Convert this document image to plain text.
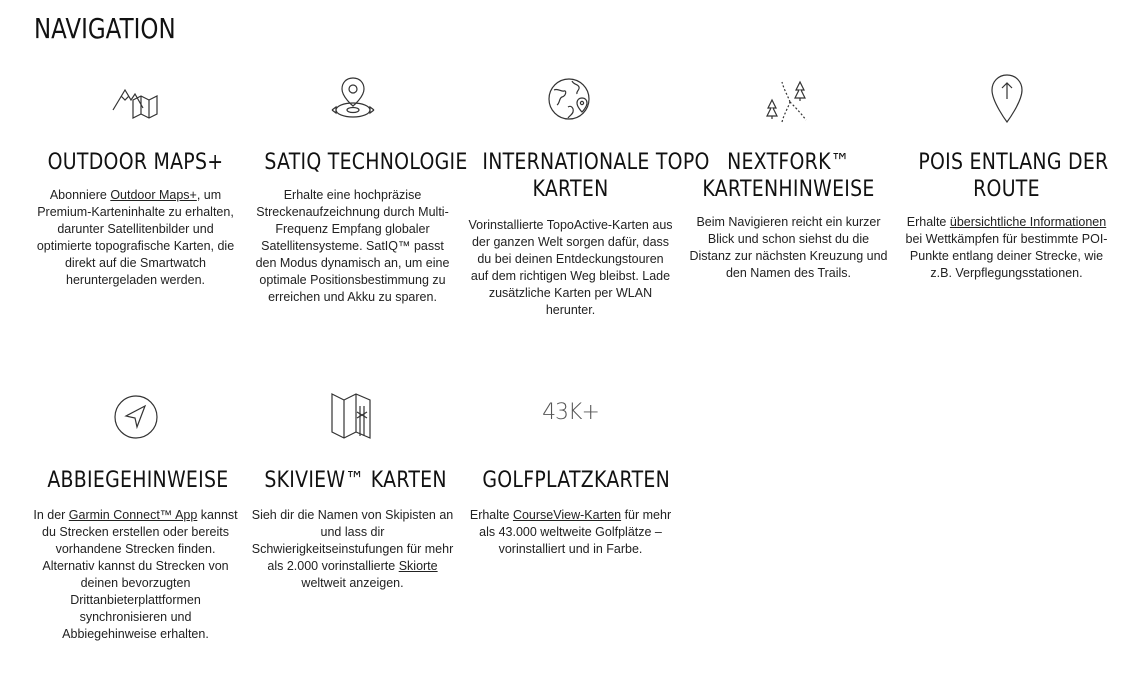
NAVIGATION
OUTDOOR MAPS+

Abonniere Outdoor Maps+, um Premium-Karteninhalte zu erhalten, darunter Satellitenbilder und optimierte topografische Karten, die direkt auf die Smartwatch heruntergeladen werden.

SATIQ TECHNOLOGIE

Erhalte eine hochpräzise Streckenaufzeichnung durch Multi-Frequenz Empfang globaler Satellitensysteme. SatIQ™ passt den Modus dynamisch an, um eine optimale Positionsbestimmung zu erreichen und Akku zu sparen.

INTERNATIONALE TOPO
KARTEN

Vorinstallierte TopoActive-Karten aus der ganzen Welt sorgen dafür, dass du bei deinen Entdeckungstouren auf dem richtigen Weg bleibst. Lade zusätzliche Karten per WLAN herunter.

NEXTFORK™
KARTENHINWEISE

Beim Navigieren reicht ein kurzer Blick und schon siehst du die Distanz zur nächsten Kreuzung und den Namen des Trails.

POIS ENTLANG DER
ROUTE

Erhalte übersichtliche Informationen bei Wettkämpfen für bestimmte POI-Punkte entlang deiner Strecke, wie z.B. Verpflegungsstationen.

ABBIEGEHINWEISE

In der Garmin Connect™ App kannst du Strecken erstellen oder bereits vorhandene Strecken finden. Alternativ kannst du Strecken von deinen bevorzugten Drittanbieterplattformen synchronisieren und Abbiegehinweise erhalten.

SKIVIEW™ KARTEN

Sieh dir die Namen von Skipisten an und lass dir Schwierigkeitseinstufungen für mehr als 2.000 vorinstallierte Skiorte weltweit anzeigen.

43K+
GOLFPLATZKARTEN

Erhalte CourseView-Karten für mehr als 43.000 weltweite Golfplätze – vorinstalliert und in Farbe.
